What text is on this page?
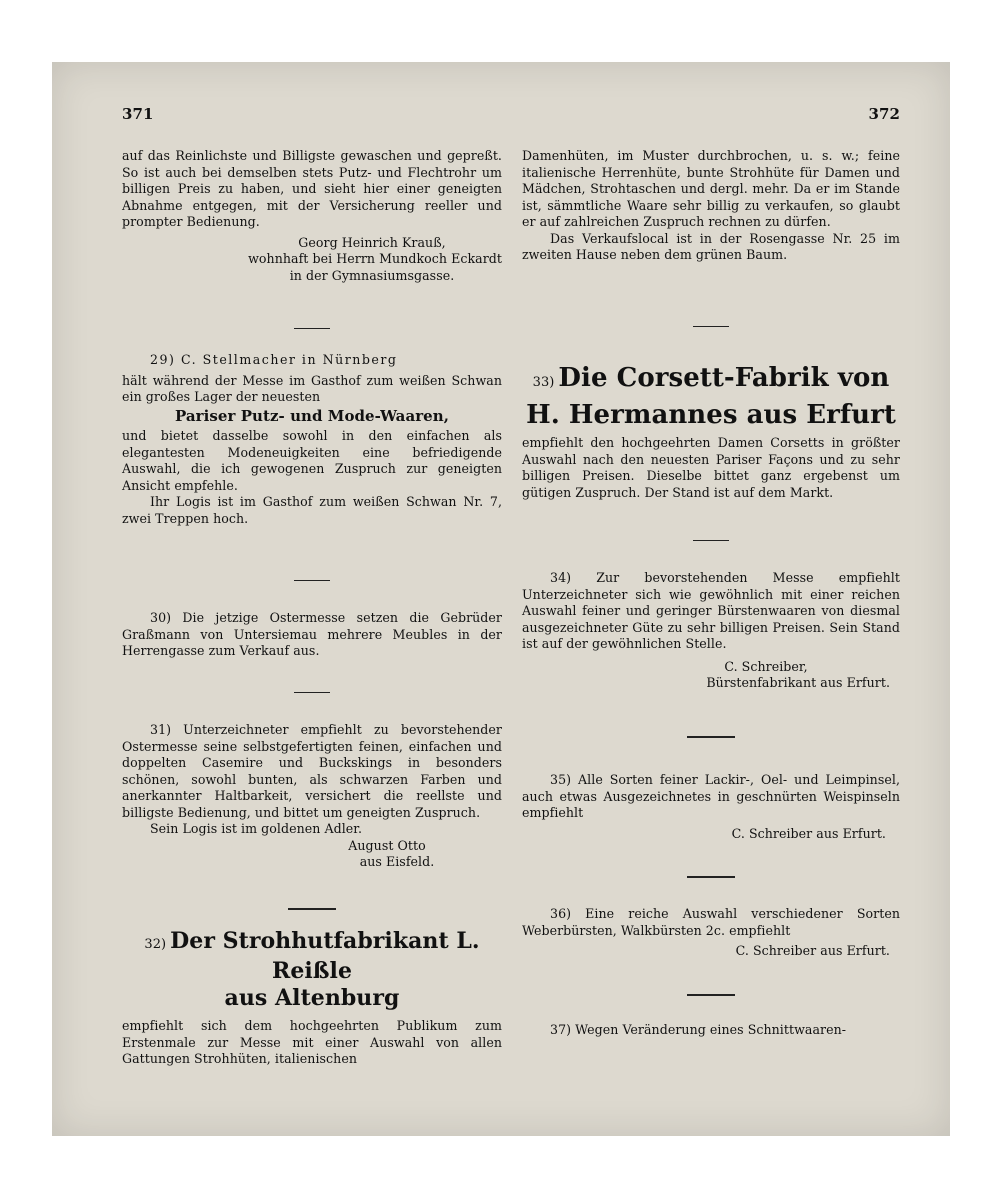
371

auf das Reinlichste und Billigste gewaschen und gepreßt. So ist auch bei demselben stets Putz- und Flechtrohr um billigen Preis zu haben, und sieht hier einer geneigten Abnahme entgegen, mit der Versicherung reeller und prompter Bedienung.

Georg Heinrich Krauß,

wohnhaft bei Herrn Mundkoch Eckardt

in der Gymnasiumsgasse.

29) C. Stellmacher in Nürnberg

hält während der Messe im Gasthof zum weißen Schwan ein großes Lager der neuesten

Pariser Putz- und Mode-Waaren,

und bietet dasselbe sowohl in den einfachen als elegantesten Modeneuigkeiten eine befriedigende Auswahl, die ich gewogenen Zuspruch zur geneigten Ansicht empfehle.

Ihr Logis ist im Gasthof zum weißen Schwan Nr. 7, zwei Treppen hoch.

30) Die jetzige Ostermesse setzen die Gebrüder Graßmann von Untersiemau mehrere Meubles in der Herrengasse zum Verkauf aus.

31) Unterzeichneter empfiehlt zu bevorstehender Ostermesse seine selbstgefertigten feinen, einfachen und doppelten Casemire und Buckskings in besonders schönen, sowohl bunten, als schwarzen Farben und anerkannter Haltbarkeit, versichert die reellste und billigste Bedienung, und bittet um geneigten Zuspruch.

Sein Logis ist im goldenen Adler.

August Otto

aus Eisfeld.

32) Der Strohhutfabrikant L. Reißle
aus Altenburg

empfiehlt sich dem hochgeehrten Publikum zum Erstenmale zur Messe mit einer Auswahl von allen Gattungen Strohhüten, italienischen

372

Damenhüten, im Muster durchbrochen, u. s. w.; feine italienische Herrenhüte, bunte Strohhüte für Damen und Mädchen, Strohtaschen und dergl. mehr. Da er im Stande ist, sämmtliche Waare sehr billig zu verkaufen, so glaubt er auf zahlreichen Zuspruch rechnen zu dürfen.

Das Verkaufslocal ist in der Rosengasse Nr. 25 im zweiten Hause neben dem grünen Baum.

33) Die Corsett-Fabrik von
H. Hermannes aus Erfurt

empfiehlt den hochgeehrten Damen Corsetts in größter Auswahl nach den neuesten Pariser Façons und zu sehr billigen Preisen. Dieselbe bittet ganz ergebenst um gütigen Zuspruch. Der Stand ist auf dem Markt.

34) Zur bevorstehenden Messe empfiehlt Unterzeichneter sich wie gewöhnlich mit einer reichen Auswahl feiner und geringer Bürstenwaaren von diesmal ausgezeichneter Güte zu sehr billigen Preisen. Sein Stand ist auf der gewöhnlichen Stelle.

C. Schreiber,

Bürstenfabrikant aus Erfurt.

35) Alle Sorten feiner Lackir-, Oel- und Leimpinsel, auch etwas Ausgezeichnetes in geschnürten Weispinseln empfiehlt

C. Schreiber aus Erfurt.

36) Eine reiche Auswahl verschiedener Sorten Weberbürsten, Walkbürsten 2c. empfiehlt

C. Schreiber aus Erfurt.

37) Wegen Veränderung eines Schnittwaaren-
